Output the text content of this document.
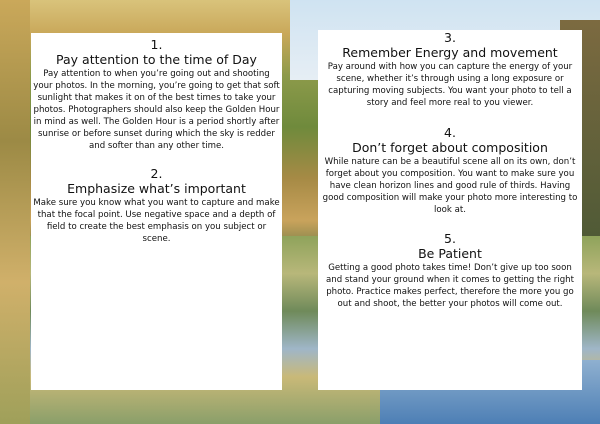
1.

Pay attention to the time of Day

Pay attention to when you’re going out and shooting your photos. In the morning, you’re going to get that soft sunlight that makes it on of the best times to take your photos. Photographers should also keep the Golden Hour in mind as well. The Golden Hour is a period shortly after sunrise or before sunset during which the sky is redder and softer than any other time.

2.

Emphasize what’s important

Make sure you know what you want to capture and make that the focal point. Use negative space and a depth of field to create the best emphasis on you subject or scene.

3.

Remember Energy and movement

Pay around with how you can capture the energy of your scene, whether it’s through using a long exposure or capturing moving subjects. You want your photo to tell a story and feel more real to you viewer.

4.

Don’t forget about composition

While nature can be a beautiful scene all on its own, don’t forget about you composition. You want to make sure you have clean horizon lines and good rule of thirds. Having good composition will make your photo more interesting to look at.

5.

Be Patient

Getting a good photo takes time! Don’t give up too soon and stand your ground when it comes to getting the right photo. Practice makes perfect, therefore the more you go out and shoot, the better your photos will come out.
